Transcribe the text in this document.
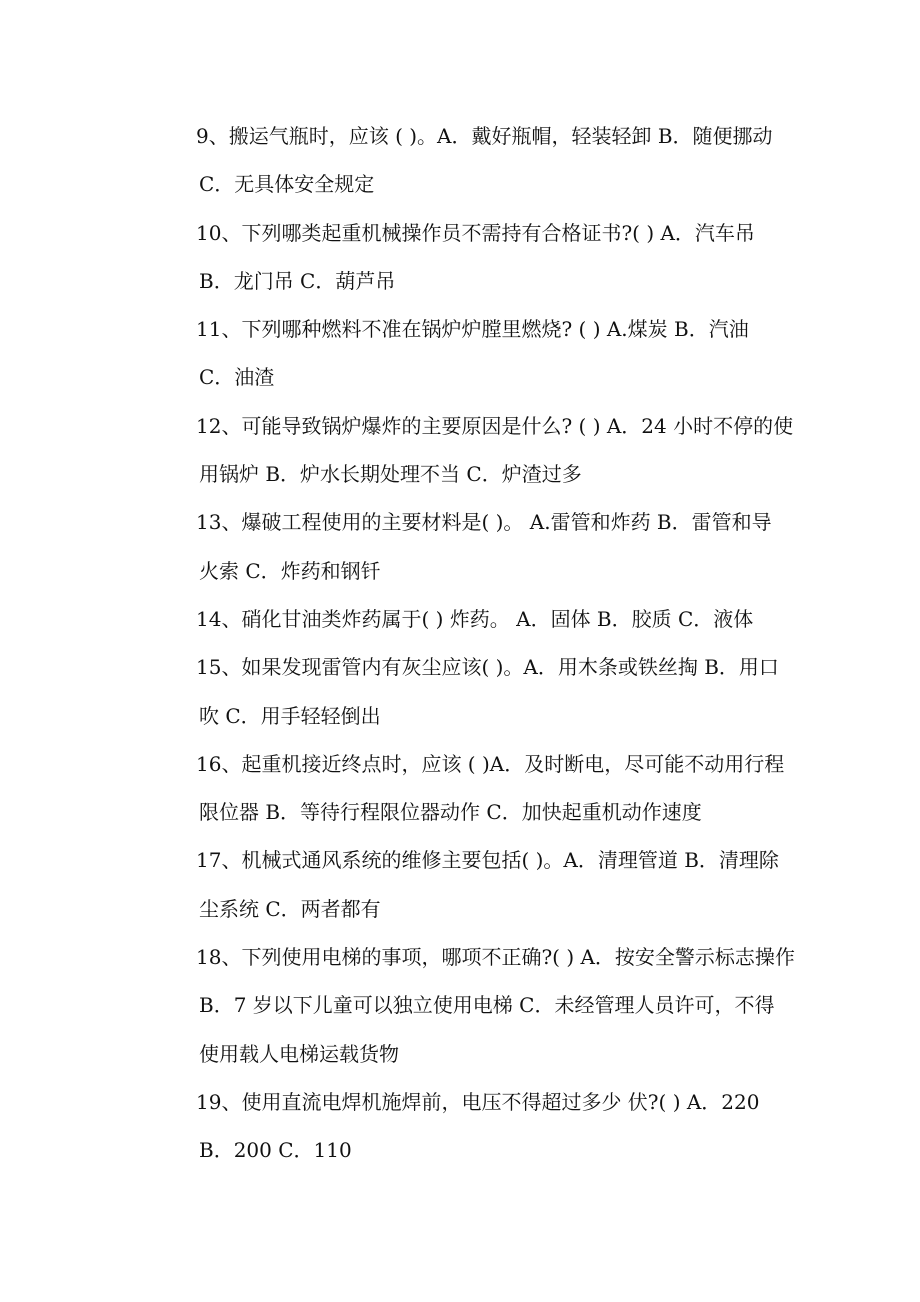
9、搬运气瓶时，应该 ( )。A．戴好瓶帽，轻装轻卸 B．随便挪动
C．无具体安全规定
10、下列哪类起重机械操作员不需持有合格证书?( ) A．汽车吊
B．龙门吊 C．葫芦吊
11、下列哪种燃料不准在锅炉炉膛里燃烧? ( ) A.煤炭 B．汽油
C．油渣
12、可能导致锅炉爆炸的主要原因是什么? ( ) A．24 小时不停的使
用锅炉 B．炉水长期处理不当 C．炉渣过多
13、爆破工程使用的主要材料是( )。 A.雷管和炸药 B．雷管和导
火索 C．炸药和钢钎
14、硝化甘油类炸药属于( ) 炸药。 A．固体 B．胶质 C．液体
15、如果发现雷管内有灰尘应该( )。A．用木条或铁丝掏 B．用口
吹 C．用手轻轻倒出
16、起重机接近终点时，应该 ( )A．及时断电，尽可能不动用行程
限位器 B．等待行程限位器动作 C．加快起重机动作速度
17、机械式通风系统的维修主要包括( )。A．清理管道 B．清理除
尘系统 C．两者都有
18、下列使用电梯的事项，哪项不正确?( ) A．按安全警示标志操作
B．7 岁以下儿童可以独立使用电梯 C．未经管理人员许可，不得
使用载人电梯运载货物
19、使用直流电焊机施焊前，电压不得超过多少 伏?( ) A．220
B．200 C．110
